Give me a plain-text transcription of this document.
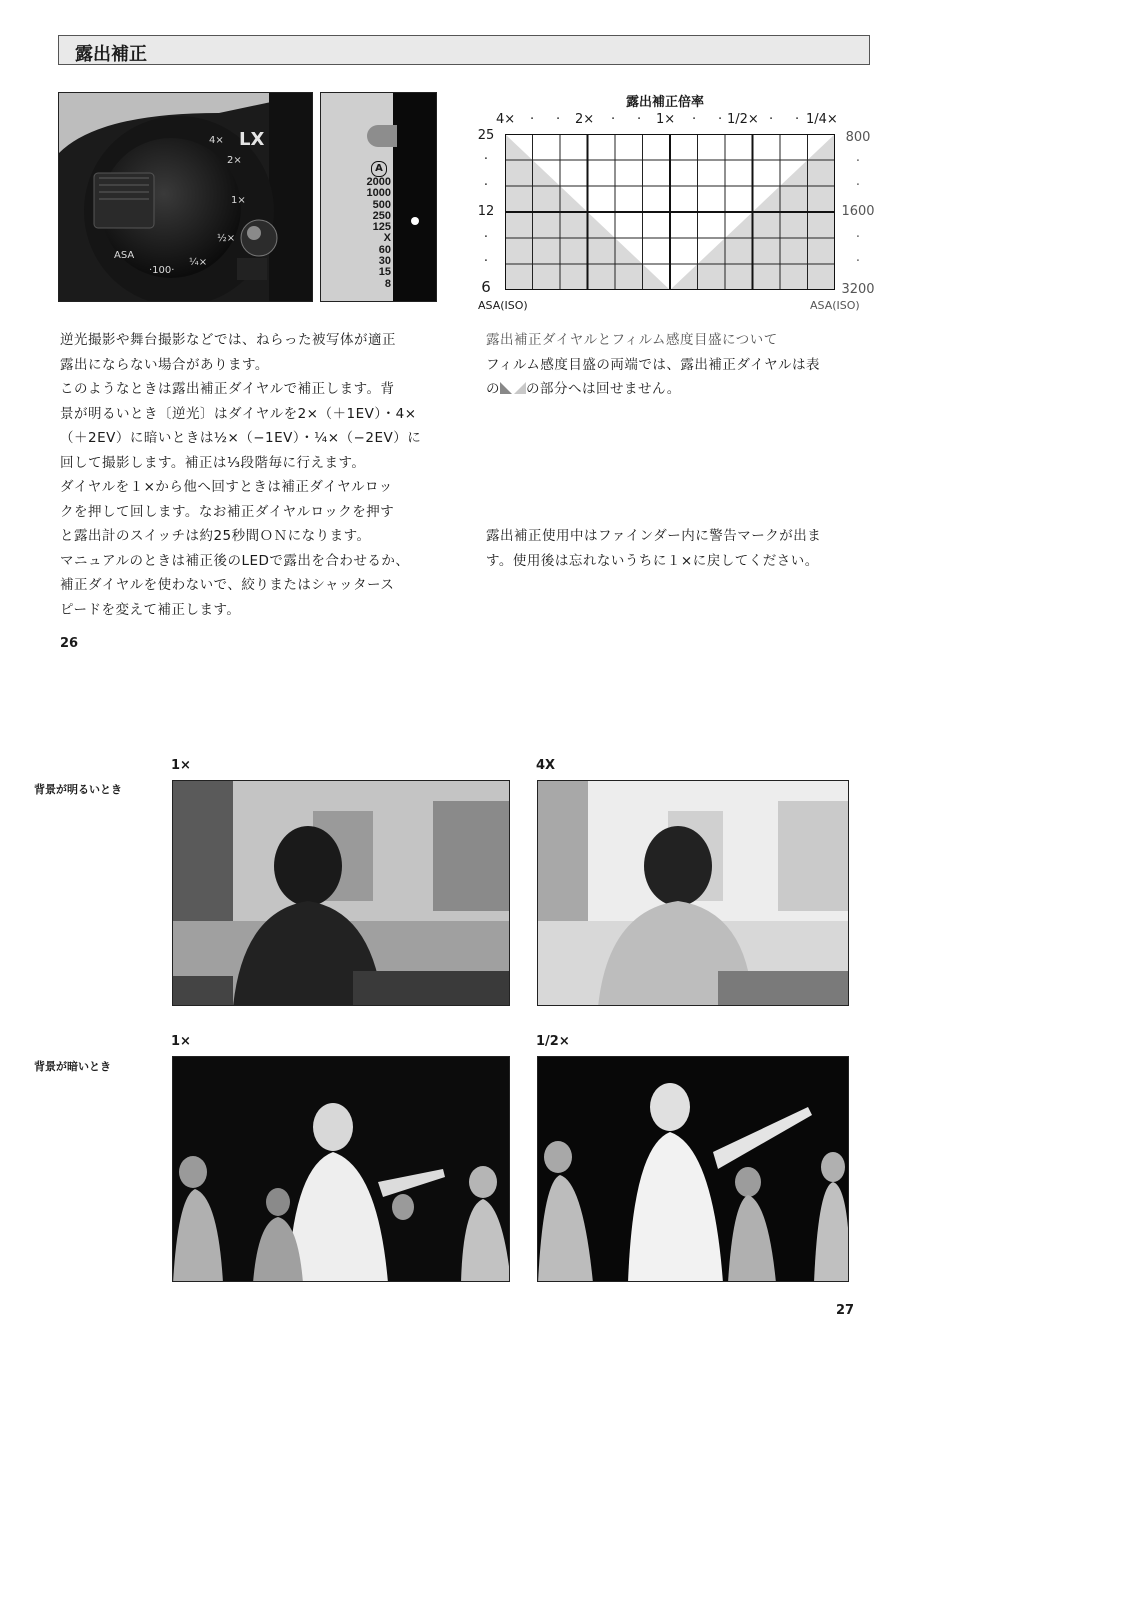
露出補正
4×
2×
1×
½×
¼×
ASA
·100·
LX
A
2000
1000
500
250
125
X
60
30
15
8
露出補正倍率
4× · · 2× · · 1× · · 1/2× · · 1/4×
25
·
·
12
·
·
6
ASA(ISO)
800
·
·
1600
·
·
3200
ASA(ISO)

逆光撮影や舞台撮影などでは、ねらった被写体が適正

露出にならない場合があります。

このようなときは露出補正ダイヤルで補正します。背

景が明るいとき〔逆光〕はダイヤルを2×（＋1EV）・4×

（＋2EV）に暗いときは½×（−1EV）・¼×（−2EV）に

回して撮影します。補正は⅓段階毎に行えます。

ダイヤルを１×から他へ回すときは補正ダイヤルロッ

クを押して回します。なお補正ダイヤルロックを押す

と露出計のスイッチは約25秒間ＯＮになります。

マニュアルのときは補正後のLEDで露出を合わせるか、

補正ダイヤルを使わないで、絞りまたはシャッタース

ピードを変えて補正します。

露出補正ダイヤルとフィルム感度目盛について

フィルム感度目盛の両端では、露出補正ダイヤルは表

の の部分へは回せません。

露出補正使用中はファインダー内に警告マークが出ま

す。使用後は忘れないうちに１×に戻してください。

26
背景が明るいとき
背景が暗いとき
1×	4X
1×	1/2×
27
